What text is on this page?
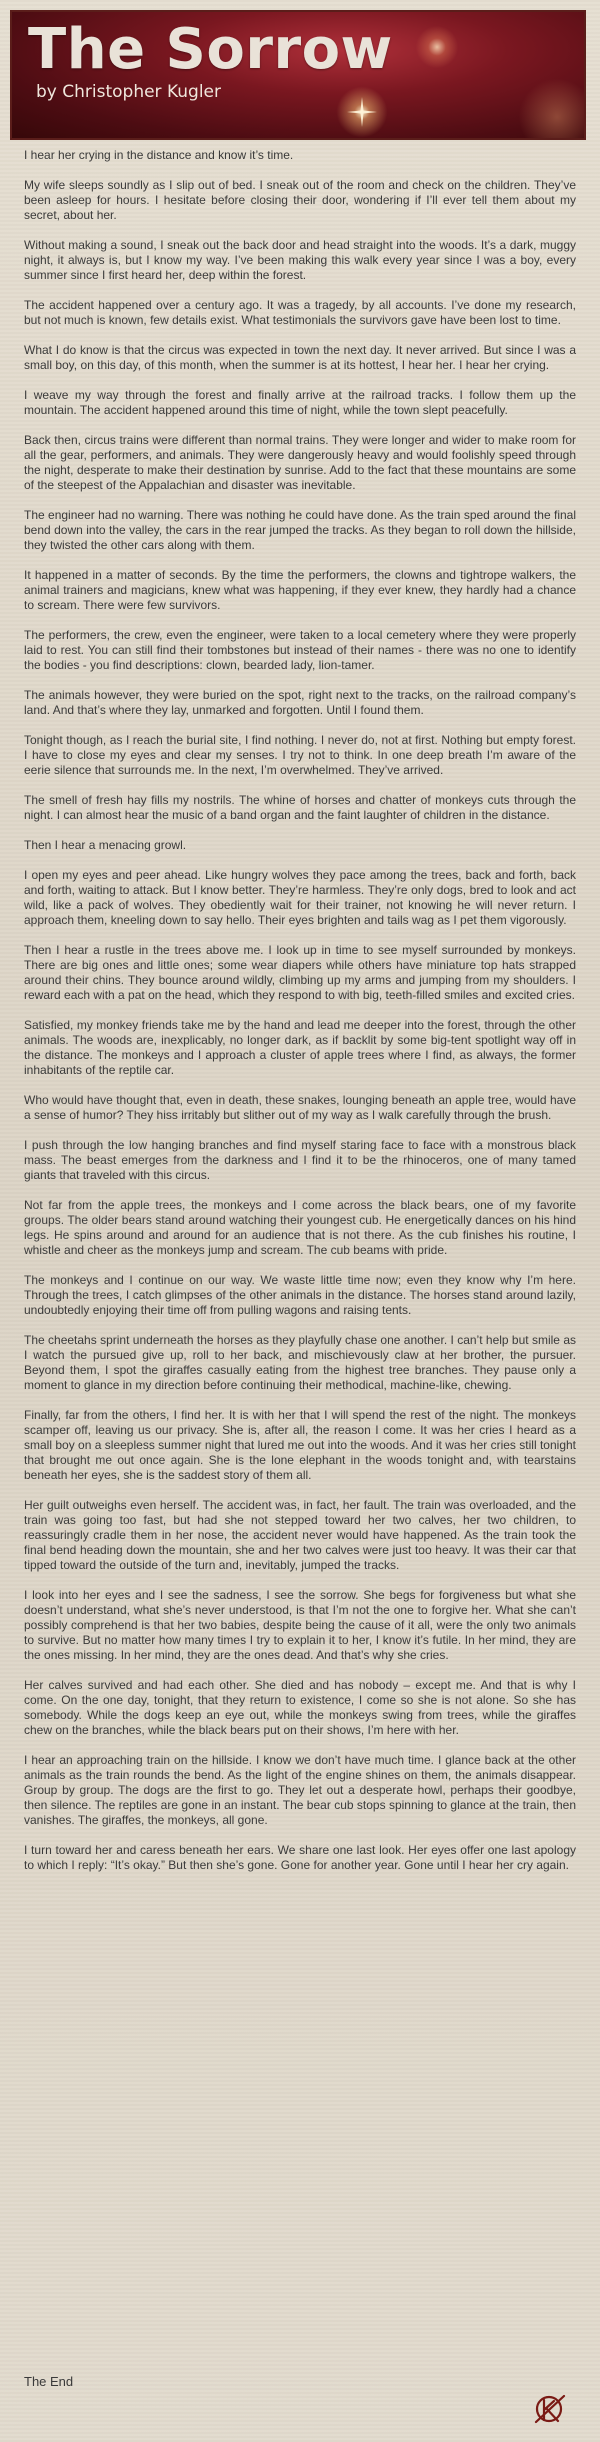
The Sorrow

by Christopher Kugler

I hear her crying in the distance and know it’s time.

My wife sleeps soundly as I slip out of bed. I sneak out of the room and check on the children. They’ve been asleep for hours. I hesitate before closing their door, wondering if I’ll ever tell them about my secret, about her.

Without making a sound, I sneak out the back door and head straight into the woods. It’s a dark, muggy night, it always is, but I know my way. I’ve been making this walk every year since I was a boy, every summer since I first heard her, deep within the forest.

The accident happened over a century ago. It was a tragedy, by all accounts. I’ve done my research, but not much is known, few details exist. What testimonials the survivors gave have been lost to time.

What I do know is that the circus was expected in town the next day. It never arrived. But since I was a small boy, on this day, of this month, when the summer is at its hottest, I hear her. I hear her crying.

I weave my way through the forest and finally arrive at the railroad tracks. I follow them up the mountain. The accident happened around this time of night, while the town slept peacefully.

Back then, circus trains were different than normal trains. They were longer and wider to make room for all the gear, performers, and animals. They were dangerously heavy and would foolishly speed through the night, desperate to make their destination by sunrise. Add to the fact that these mountains are some of the steepest of the Appalachian and disaster was inevitable.

The engineer had no warning. There was nothing he could have done. As the train sped around the final bend down into the valley, the cars in the rear jumped the tracks. As they began to roll down the hillside, they twisted the other cars along with them.

It happened in a matter of seconds. By the time the performers, the clowns and tightrope walkers, the animal trainers and magicians, knew what was happening, if they ever knew, they hardly had a chance to scream. There were few survivors.

The performers, the crew, even the engineer, were taken to a local cemetery where they were properly laid to rest. You can still find their tombstones but instead of their names - there was no one to identify the bodies - you find descriptions: clown, bearded lady, lion-tamer.

The animals however, they were buried on the spot, right next to the tracks, on the railroad company’s land. And that’s where they lay, unmarked and forgotten. Until I found them.

Tonight though, as I reach the burial site, I find nothing. I never do, not at first. Nothing but empty forest. I have to close my eyes and clear my senses. I try not to think. In one deep breath I’m aware of the eerie silence that surrounds me. In the next, I’m overwhelmed. They’ve arrived.

The smell of fresh hay fills my nostrils. The whine of horses and chatter of monkeys cuts through the night. I can almost hear the music of a band organ and the faint laughter of children in the distance.

Then I hear a menacing growl.

I open my eyes and peer ahead. Like hungry wolves they pace among the trees, back and forth, back and forth, waiting to attack. But I know better. They’re harmless. They’re only dogs, bred to look and act wild, like a pack of wolves. They obediently wait for their trainer, not knowing he will never return. I approach them, kneeling down to say hello. Their eyes brighten and tails wag as I pet them vigorously.

Then I hear a rustle in the trees above me. I look up in time to see myself surrounded by monkeys. There are big ones and little ones; some wear diapers while others have miniature top hats strapped around their chins. They bounce around wildly, climbing up my arms and jumping from my shoulders. I reward each with a pat on the head, which they respond to with big, teeth-filled smiles and excited cries.

Satisfied, my monkey friends take me by the hand and lead me deeper into the forest, through the other animals. The woods are, inexplicably, no longer dark, as if backlit by some big-tent spotlight way off in the distance. The monkeys and I approach a cluster of apple trees where I find, as always, the former inhabitants of the reptile car.

Who would have thought that, even in death, these snakes, lounging beneath an apple tree, would have a sense of humor? They hiss irritably but slither out of my way as I walk carefully through the brush.

I push through the low hanging branches and find myself staring face to face with a monstrous black mass. The beast emerges from the darkness and I find it to be the rhinoceros, one of many tamed giants that traveled with this circus.

Not far from the apple trees, the monkeys and I come across the black bears, one of my favorite groups. The older bears stand around watching their youngest cub. He energetically dances on his hind legs. He spins around and around for an audience that is not there. As the cub finishes his routine, I whistle and cheer as the monkeys jump and scream. The cub beams with pride.

The monkeys and I continue on our way. We waste little time now; even they know why I’m here. Through the trees, I catch glimpses of the other animals in the distance. The horses stand around lazily, undoubtedly enjoying their time off from pulling wagons and raising tents.

The cheetahs sprint underneath the horses as they playfully chase one another. I can’t help but smile as I watch the pursued give up, roll to her back, and mischievously claw at her brother, the pursuer. Beyond them, I spot the giraffes casually eating from the highest tree branches. They pause only a moment to glance in my direction before continuing their methodical, machine-like, chewing.

Finally, far from the others, I find her. It is with her that I will spend the rest of the night. The monkeys scamper off, leaving us our privacy. She is, after all, the reason I come. It was her cries I heard as a small boy on a sleepless summer night that lured me out into the woods. And it was her cries still tonight that brought me out once again. She is the lone elephant in the woods tonight and, with tearstains beneath her eyes, she is the saddest story of them all.

Her guilt outweighs even herself. The accident was, in fact, her fault. The train was overloaded, and the train was going too fast, but had she not stepped toward her two calves, her two children, to reassuringly cradle them in her nose, the accident never would have happened. As the train took the final bend heading down the mountain, she and her two calves were just too heavy. It was their car that tipped toward the outside of the turn and, inevitably, jumped the tracks.

I look into her eyes and I see the sadness, I see the sorrow. She begs for forgiveness but what she doesn’t understand, what she’s never understood, is that I’m not the one to forgive her. What she can’t possibly comprehend is that her two babies, despite being the cause of it all, were the only two animals to survive. But no matter how many times I try to explain it to her, I know it’s futile. In her mind, they are the ones missing. In her mind, they are the ones dead. And that’s why she cries.

Her calves survived and had each other. She died and has nobody – except me. And that is why I come. On the one day, tonight, that they return to existence, I come so she is not alone. So she has somebody. While the dogs keep an eye out, while the monkeys swing from trees, while the giraffes chew on the branches, while the black bears put on their shows, I’m here with her.

I hear an approaching train on the hillside. I know we don’t have much time. I glance back at the other animals as the train rounds the bend. As the light of the engine shines on them, the animals disappear. Group by group. The dogs are the first to go. They let out a desperate howl, perhaps their goodbye, then silence. The reptiles are gone in an instant. The bear cub stops spinning to glance at the train, then vanishes. The giraffes, the monkeys, all gone.

I turn toward her and caress beneath her ears. We share one last look. Her eyes offer one last apology to which I reply: “It’s okay.” But then she’s gone. Gone for another year. Gone until I hear her cry again.

The End
